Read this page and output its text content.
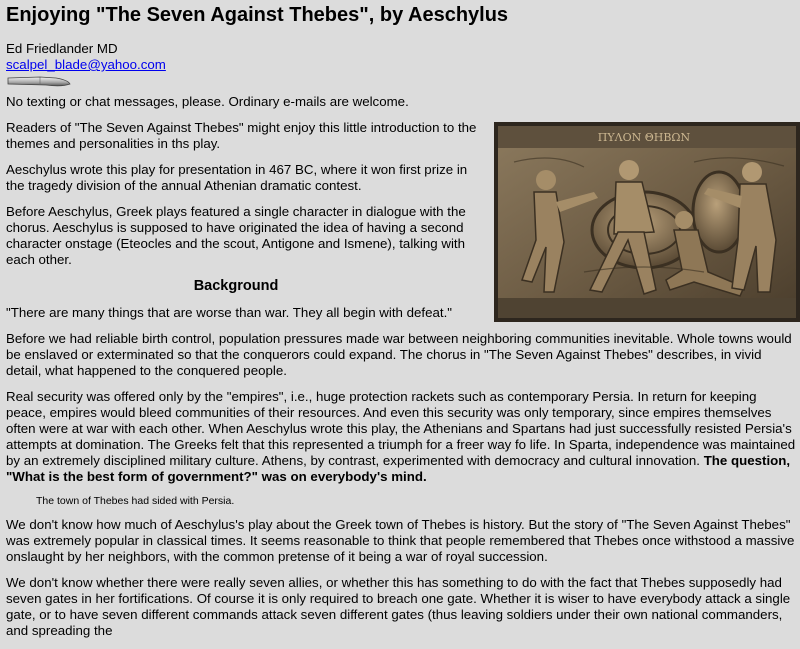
Enjoying "The Seven Against Thebes", by Aeschylus
Ed Friedlander MD
scalpel_blade@yahoo.com

No texting or chat messages, please. Ordinary e-mails are welcome.

ΠΥΛΟΝ ΘΗΒΩΝ

Readers of "The Seven Against Thebes" might enjoy this little introduction to the themes and personalities in ths play.

Aeschylus wrote this play for presentation in 467 BC, where it won first prize in the tragedy division of the annual Athenian dramatic contest.

Before Aeschylus, Greek plays featured a single character in dialogue with the chorus. Aeschylus is supposed to have originated the idea of having a second character onstage (Eteocles and the scout, Antigone and Ismene), talking with each other.

Background

"There are many things that are worse than war. They all begin with defeat."

Before we had reliable birth control, population pressures made war between neighboring communities inevitable. Whole towns would be enslaved or exterminated so that the conquerors could expand. The chorus in "The Seven Against Thebes" describes, in vivid detail, what happened to the conquered people.

Real security was offered only by the "empires", i.e., huge protection rackets such as contemporary Persia. In return for keeping peace, empires would bleed communities of their resources. And even this security was only temporary, since empires themselves often were at war with each other. When Aeschylus wrote this play, the Athenians and Spartans had just successfully resisted Persia's attempts at domination. The Greeks felt that this represented a triumph for a freer way fo life. In Sparta, independence was maintained by an extremely disciplined military culture. Athens, by contrast, experimented with democracy and cultural innovation. The question, "What is the best form of government?" was on everybody's mind.

The town of Thebes had sided with Persia.

We don't know how much of Aeschylus's play about the Greek town of Thebes is history. But the story of "The Seven Against Thebes" was extremely popular in classical times. It seems reasonable to think that people remembered that Thebes once withstood a massive onslaught by her neighbors, with the common pretense of it being a war of royal succession.

We don't know whether there were really seven allies, or whether this has something to do with the fact that Thebes supposedly had seven gates in her fortifications. Of course it is only required to breach one gate. Whether it is wiser to have everybody attack a single gate, or to have seven different commands attack seven different gates (thus leaving soldiers under their own national commanders, and spreading the
